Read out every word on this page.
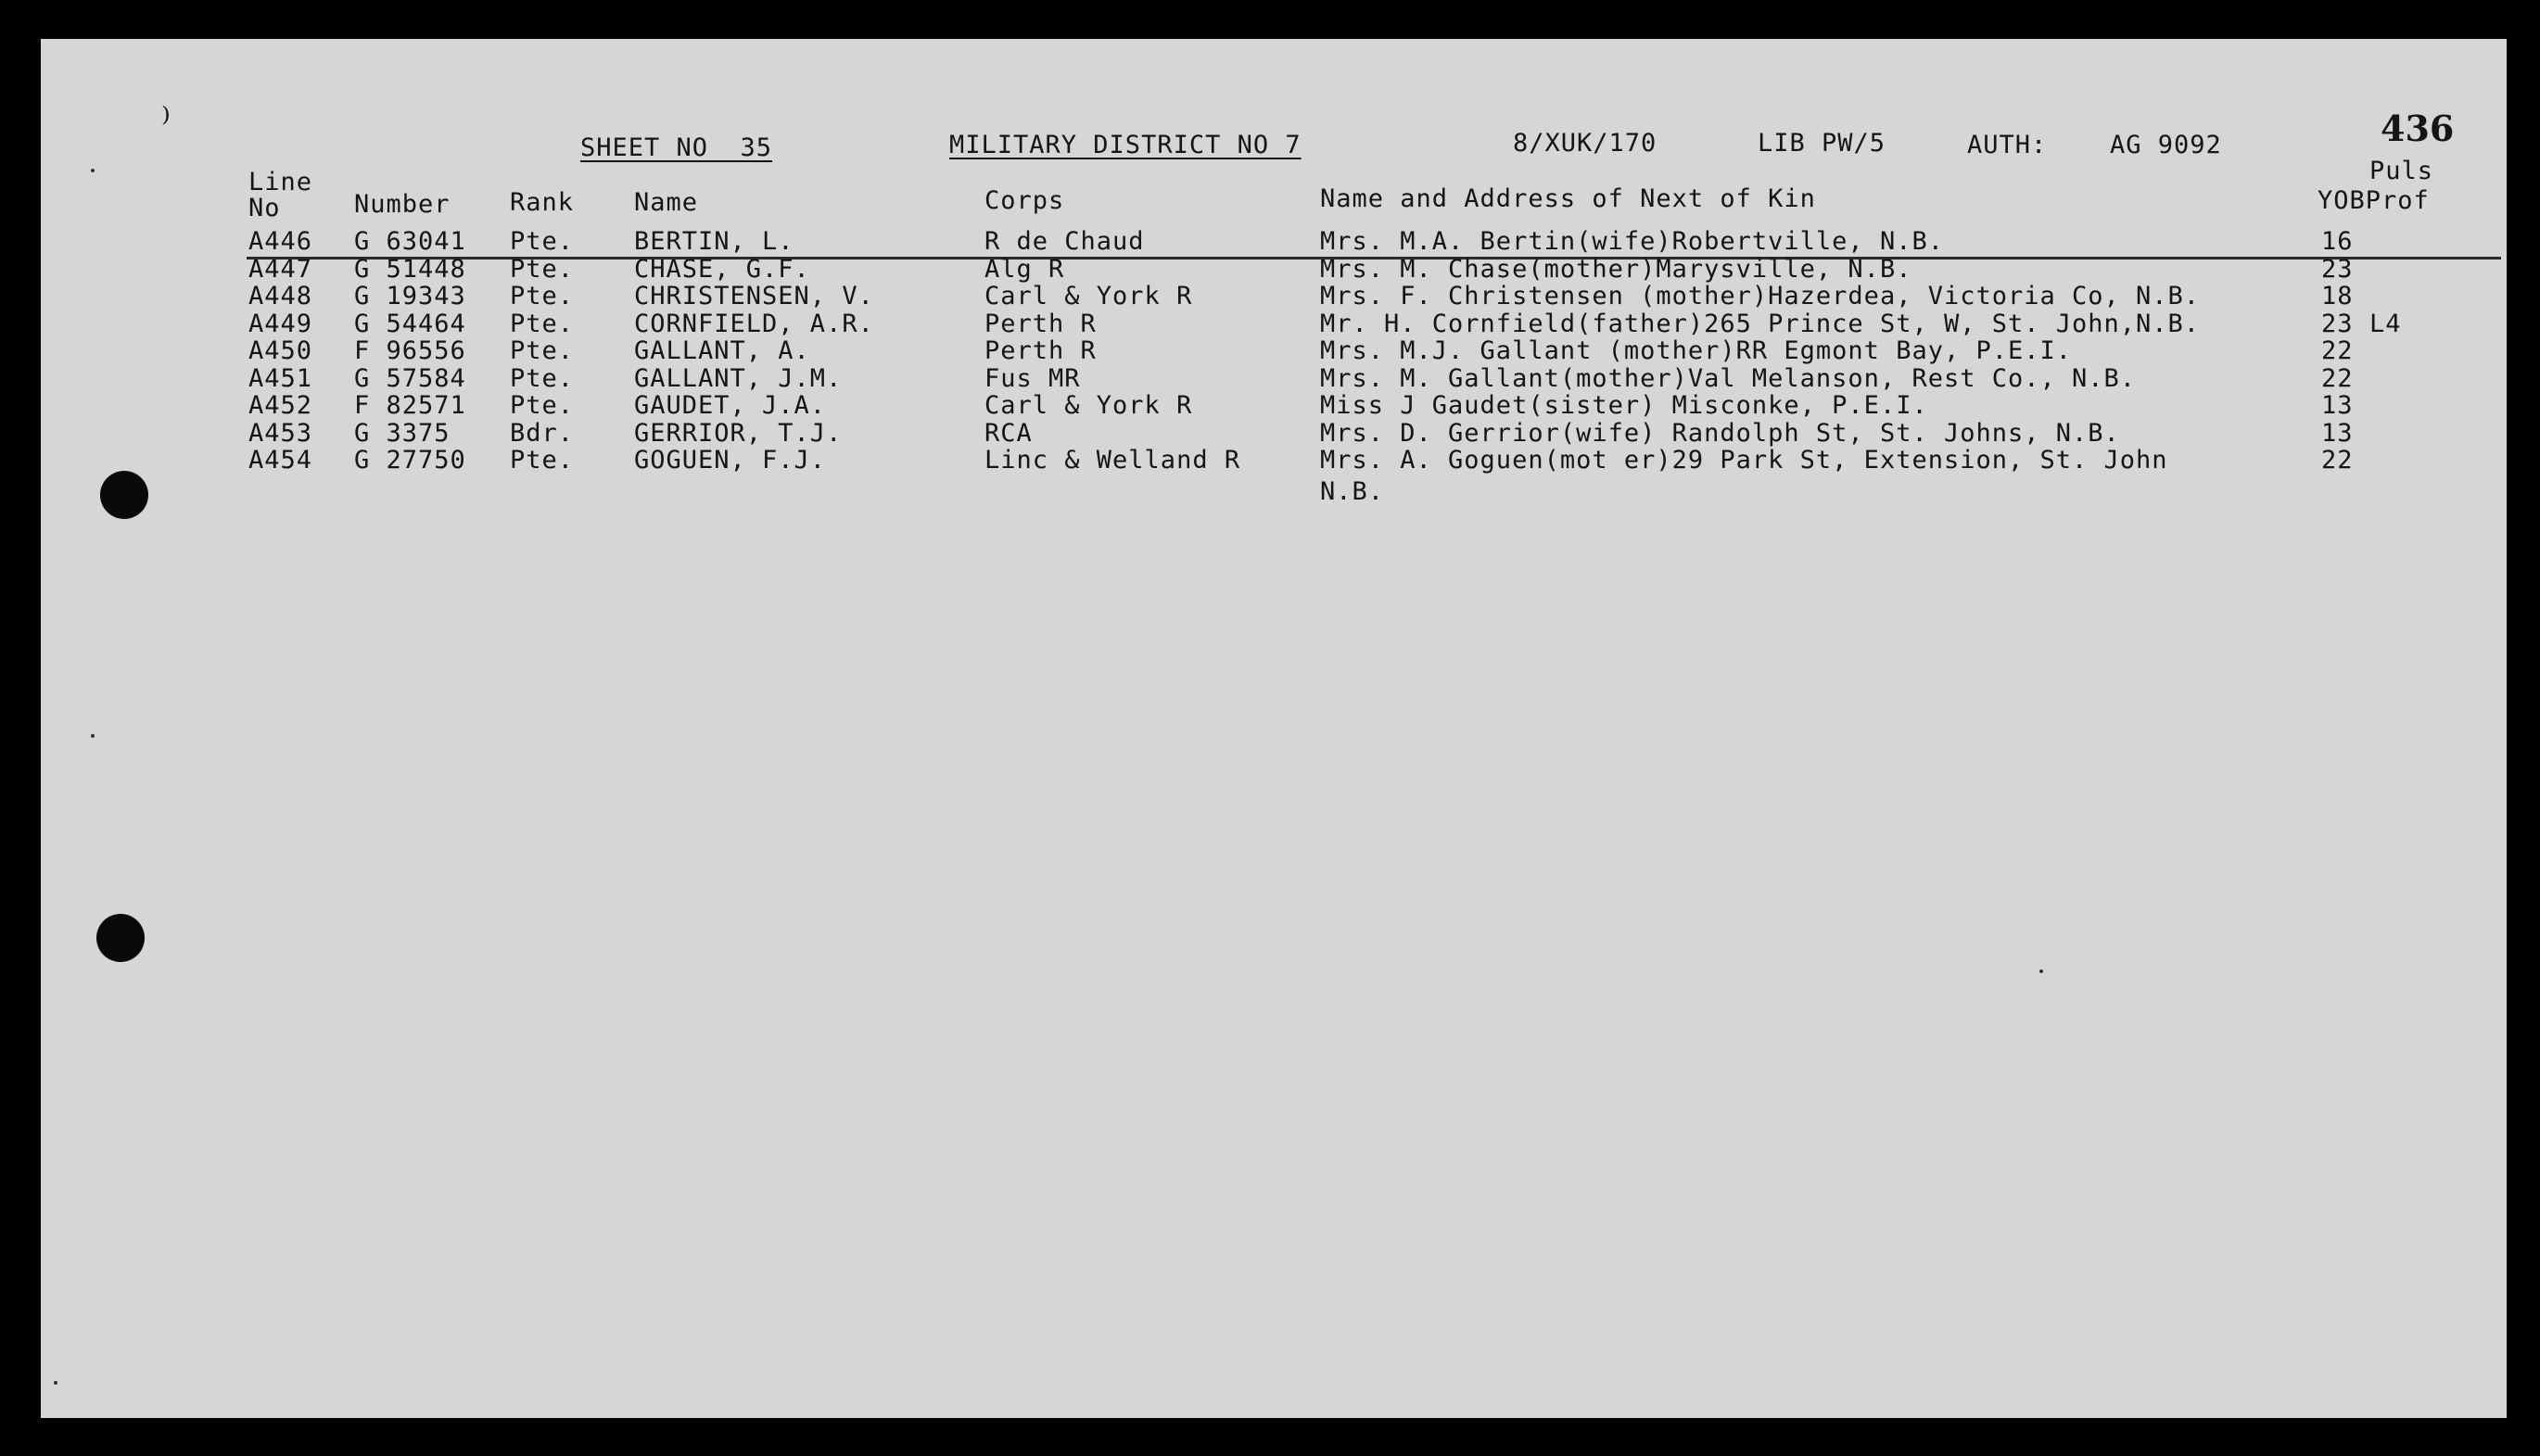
⁾
SHEET NO  35	MILITARY DISTRICT NO 7	8/XUK/170	LIB PW/5	AUTH:	AG 9092	436
Puls
Line
No	Number Rank Name	Corps	Name and Address of Next of Kin	YOBProf
A446 G 63041 Pte. BERTIN, L.	R de Chaud	Mrs. M.A. Bertin(wife)Robertville, N.B.	16
A447 G 51448 Pte. CHASE, G.F.	Alg R	Mrs. M. Chase(mother)Marysville, N.B.	23
A448 G 19343 Pte. CHRISTENSEN, V.	Carl & York R	Mrs. F. Christensen (mother)Hazerdea, Victoria Co, N.B.	18
A449 G 54464 Pte. CORNFIELD, A.R.	Perth R	Mr. H. Cornfield(father)265 Prince St, W, St. John,N.B.	23 L4
A450 F 96556 Pte. GALLANT, A.	Perth R	Mrs. M.J. Gallant (mother)RR Egmont Bay, P.E.I.	22
A451 G 57584 Pte. GALLANT, J.M.	Fus MR	Mrs. M. Gallant(mother)Val Melanson, Rest Co., N.B.	22
A452 F 82571 Pte. GAUDET, J.A.	Carl & York R	Miss J Gaudet(sister) Misconke, P.E.I.	13
A453 G 3375 Bdr. GERRIOR, T.J.	RCA	Mrs. D. Gerrior(wife) Randolph St, St. Johns, N.B.	13
A454 G 27750 Pte. GOGUEN, F.J.	Linc & Welland R	Mrs. A. Goguen(mot er)29 Park St, Extension, St. John	22
N.B.
